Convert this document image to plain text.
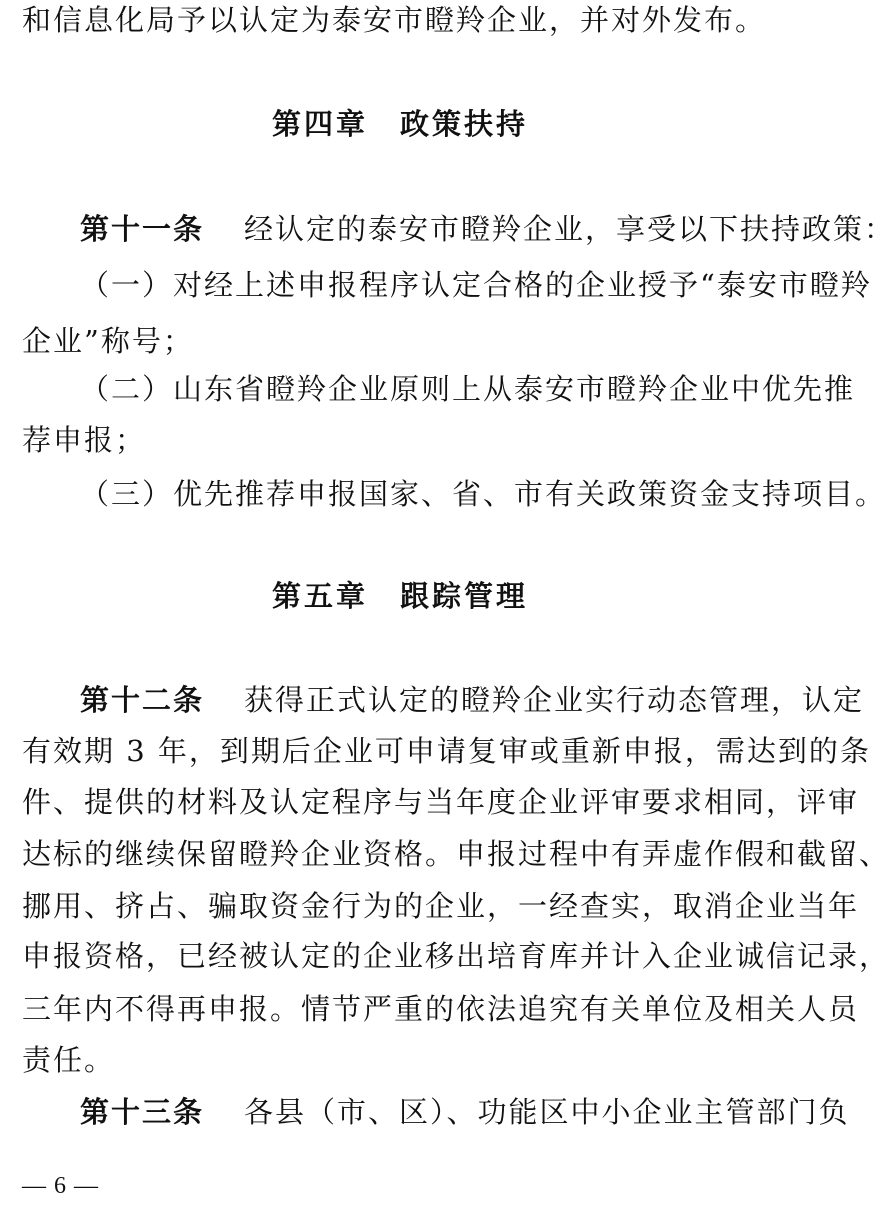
和信息化局予以认定为泰安市瞪羚企业，并对外发布。
第四章　政策扶持
第十一条 经认定的泰安市瞪羚企业，享受以下扶持政策：
（一）对经上述申报程序认定合格的企业授予“泰安市瞪羚
企业”称号；
（二）山东省瞪羚企业原则上从泰安市瞪羚企业中优先推
荐申报；
（三）优先推荐申报国家、省、市有关政策资金支持项目。
第五章　跟踪管理
第十二条 获得正式认定的瞪羚企业实行动态管理，认定
有效期 3 年，到期后企业可申请复审或重新申报，需达到的条
件、提供的材料及认定程序与当年度企业评审要求相同，评审
达标的继续保留瞪羚企业资格。申报过程中有弄虚作假和截留、
挪用、挤占、骗取资金行为的企业，一经查实，取消企业当年
申报资格，已经被认定的企业移出培育库并计入企业诚信记录，
三年内不得再申报。情节严重的依法追究有关单位及相关人员
责任。
第十三条 各县（市、区）、功能区中小企业主管部门负
— 6 —
